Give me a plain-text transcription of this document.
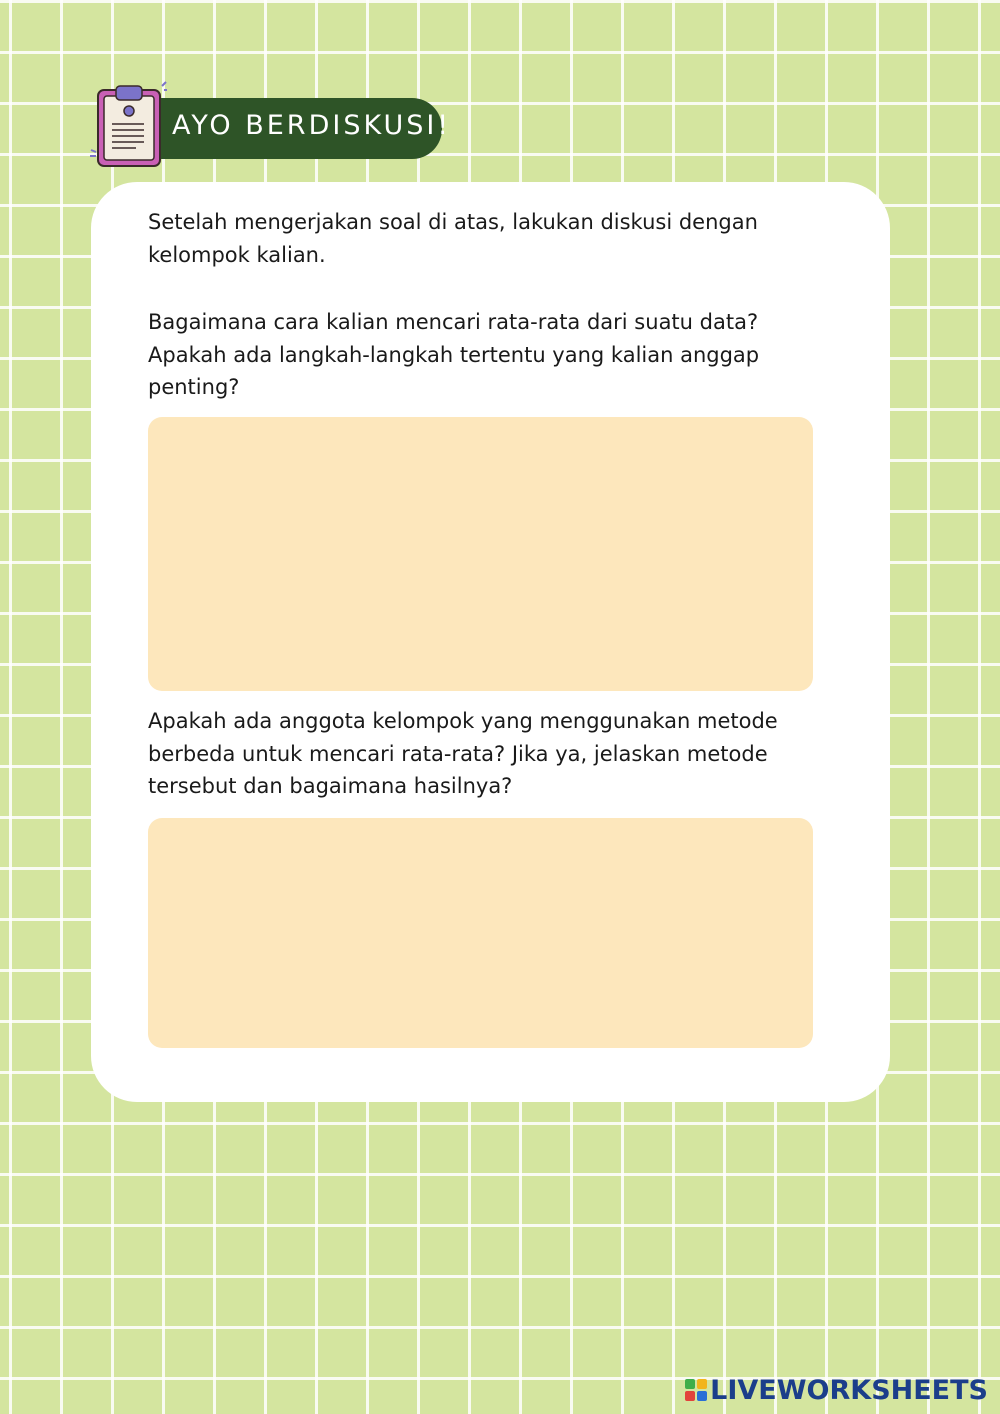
AYO BERDISKUSI!

Setelah mengerjakan soal di atas, lakukan diskusi dengan kelompok kalian.

Bagaimana cara kalian mencari rata-rata dari suatu data? Apakah ada langkah-langkah tertentu yang kalian anggap penting?

Apakah ada anggota kelompok yang menggunakan metode berbeda untuk mencari rata-rata? Jika ya, jelaskan metode tersebut dan bagaimana hasilnya?

LIVEWORKSHEETS
